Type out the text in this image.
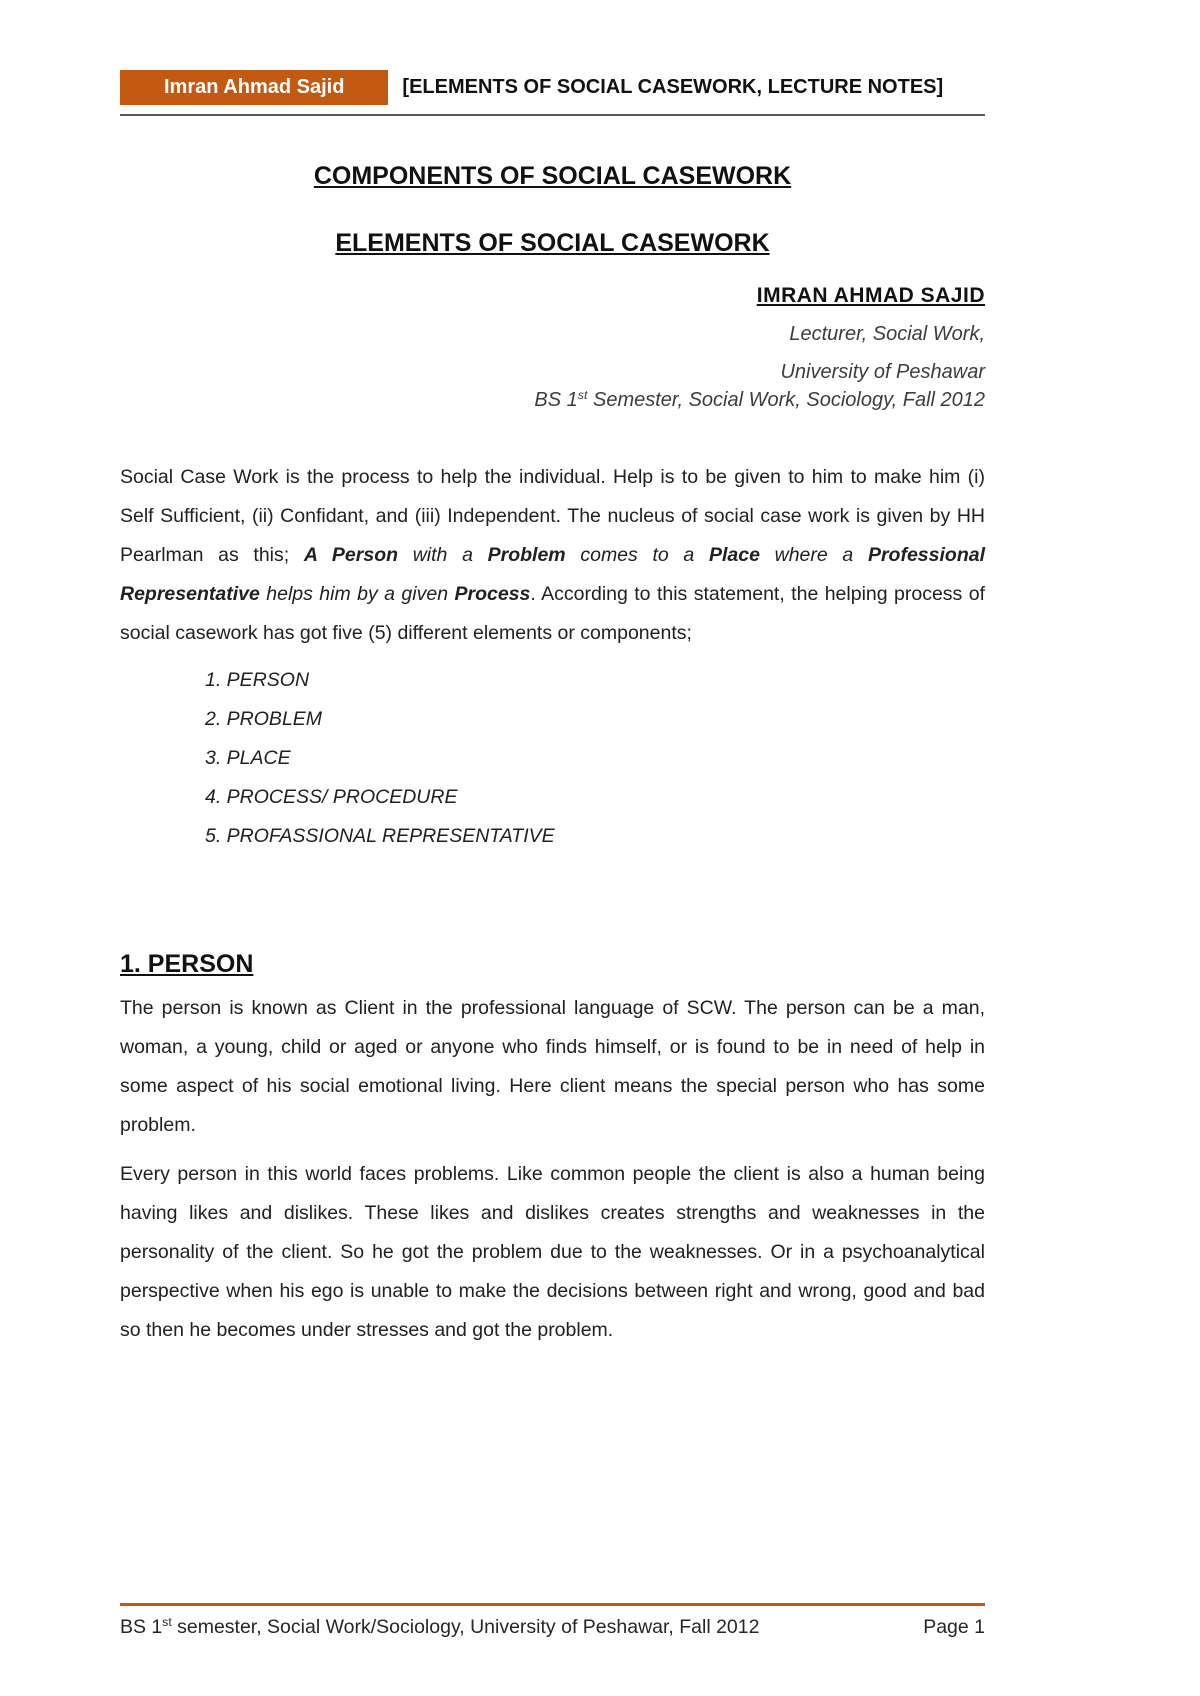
Imran Ahmad Sajid	[ELEMENTS OF SOCIAL CASEWORK, LECTURE NOTES]
COMPONENTS OF SOCIAL CASEWORK
ELEMENTS OF SOCIAL CASEWORK
IMRAN AHMAD SAJID
Lecturer, Social Work,
University of Peshawar
BS 1st Semester, Social Work, Sociology, Fall 2012

Social Case Work is the process to help the individual. Help is to be given to him to make him (i) Self Sufficient, (ii) Confidant, and (iii) Independent. The nucleus of social case work is given by HH Pearlman as this; A Person with a Problem comes to a Place where a Professional Representative helps him by a given Process. According to this statement, the helping process of social casework has got five (5) different elements or components;

1. PERSON
2. PROBLEM
3. PLACE
4. PROCESS/ PROCEDURE
5. PROFASSIONAL REPRESENTATIVE
1. PERSON

The person is known as Client in the professional language of SCW. The person can be a man, woman, a young, child or aged or anyone who finds himself, or is found to be in need of help in some aspect of his social emotional living. Here client means the special person who has some problem.

Every person in this world faces problems. Like common people the client is also a human being having likes and dislikes. These likes and dislikes creates strengths and weaknesses in the personality of the client. So he got the problem due to the weaknesses. Or in a psychoanalytical perspective when his ego is unable to make the decisions between right and wrong, good and bad so then he becomes under stresses and got the problem.

BS 1st semester, Social Work/Sociology, University of Peshawar, Fall 2012	Page 1
